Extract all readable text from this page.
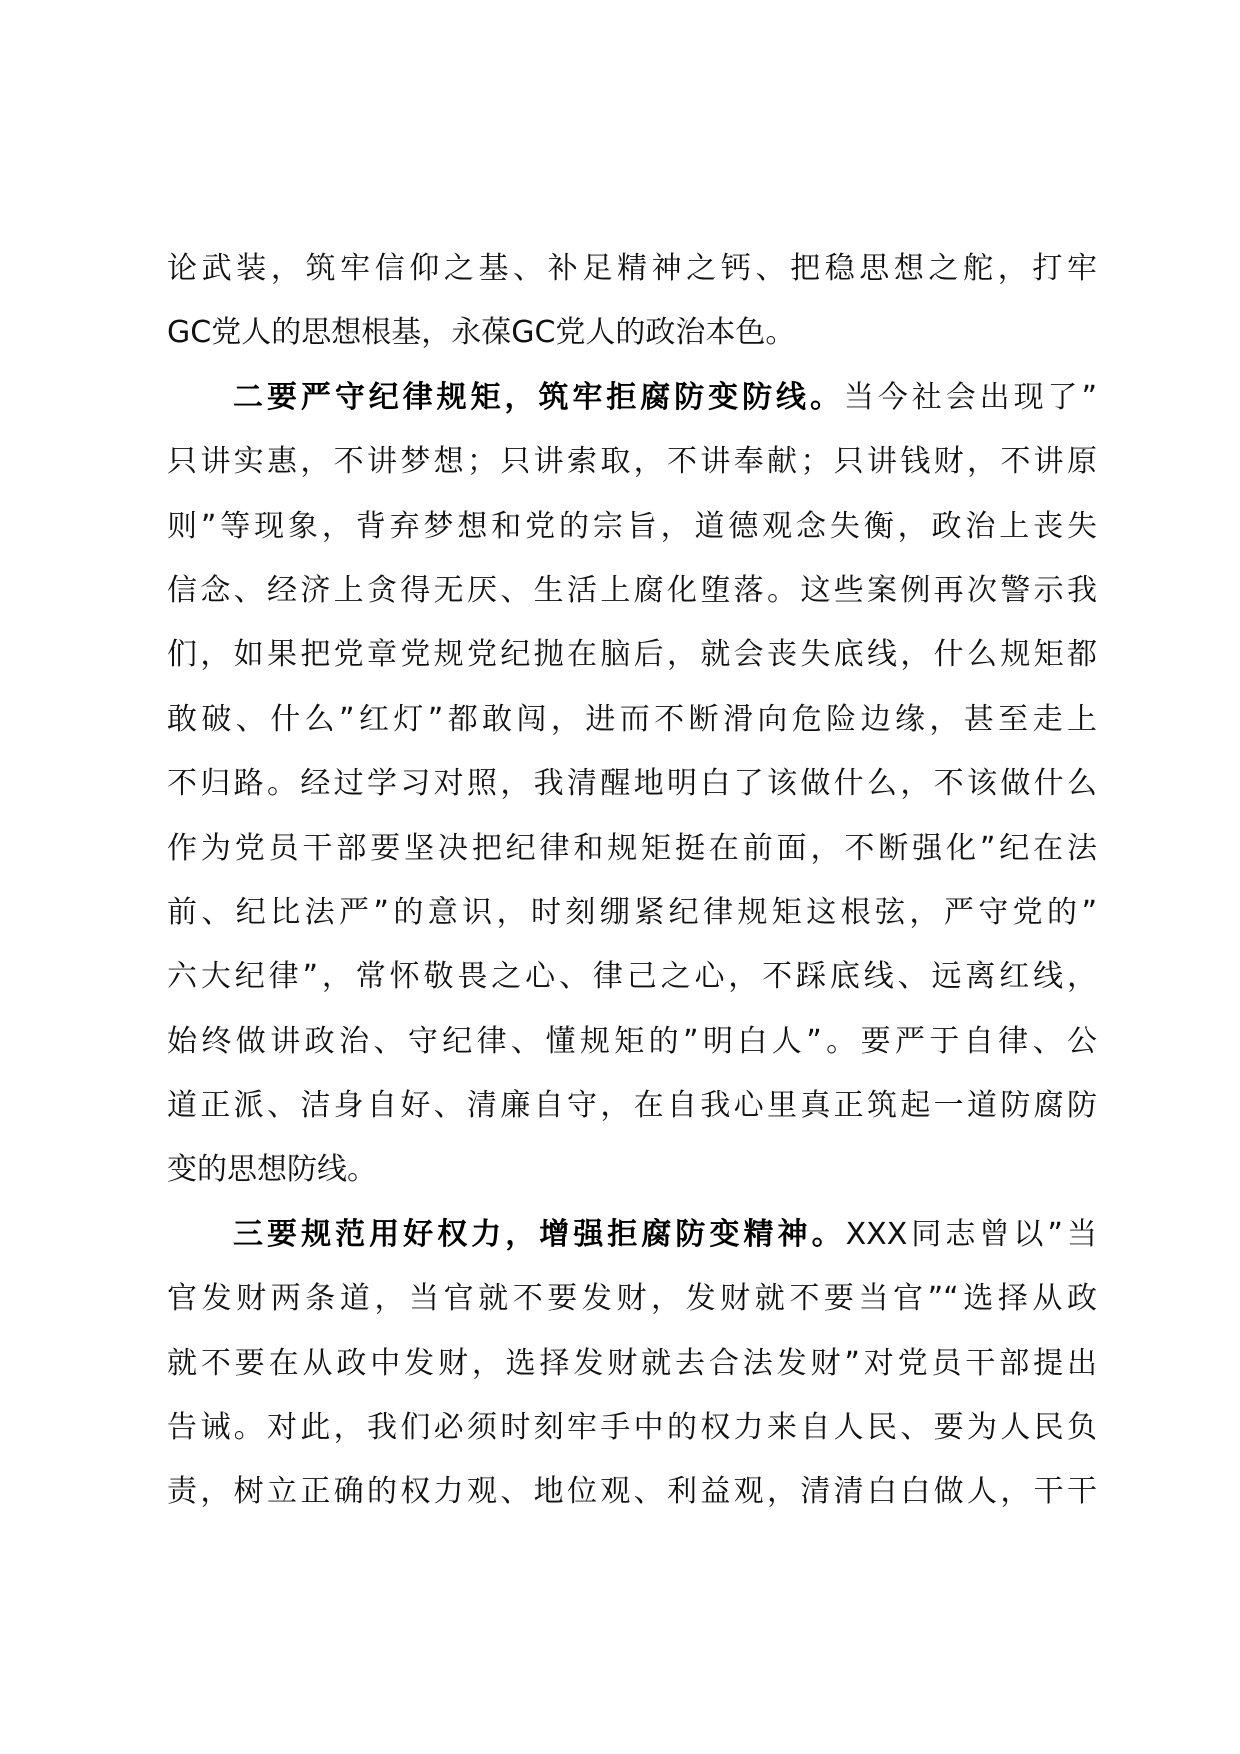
论武装，筑牢信仰之基、补足精神之钙、把稳思想之舵，打牢
GC党人的思想根基，永葆GC党人的政治本色。
二要严守纪律规矩，筑牢拒腐防变防线。当今社会出现了”
只讲实惠，不讲梦想；只讲索取，不讲奉献；只讲钱财，不讲原
则”等现象，背弃梦想和党的宗旨，道德观念失衡，政治上丧失
信念、经济上贪得无厌、生活上腐化堕落。这些案例再次警示我
们，如果把党章党规党纪抛在脑后，就会丧失底线，什么规矩都
敢破、什么”红灯”都敢闯，进而不断滑向危险边缘，甚至走上
不归路。经过学习对照，我清醒地明白了该做什么，不该做什么
作为党员干部要坚决把纪律和规矩挺在前面，不断强化”纪在法
前、纪比法严”的意识，时刻绷紧纪律规矩这根弦，严守党的”
六大纪律”，常怀敬畏之心、律己之心，不踩底线、远离红线，
始终做讲政治、守纪律、懂规矩的”明白人”。要严于自律、公
道正派、洁身自好、清廉自守，在自我心里真正筑起一道防腐防
变的思想防线。
三要规范用好权力，增强拒腐防变精神。XXX同志曾以”当
官发财两条道，当官就不要发财，发财就不要当官”“选择从政
就不要在从政中发财，选择发财就去合法发财”对党员干部提出
告诫。对此，我们必须时刻牢手中的权力来自人民、要为人民负
责，树立正确的权力观、地位观、利益观，清清白白做人，干干
